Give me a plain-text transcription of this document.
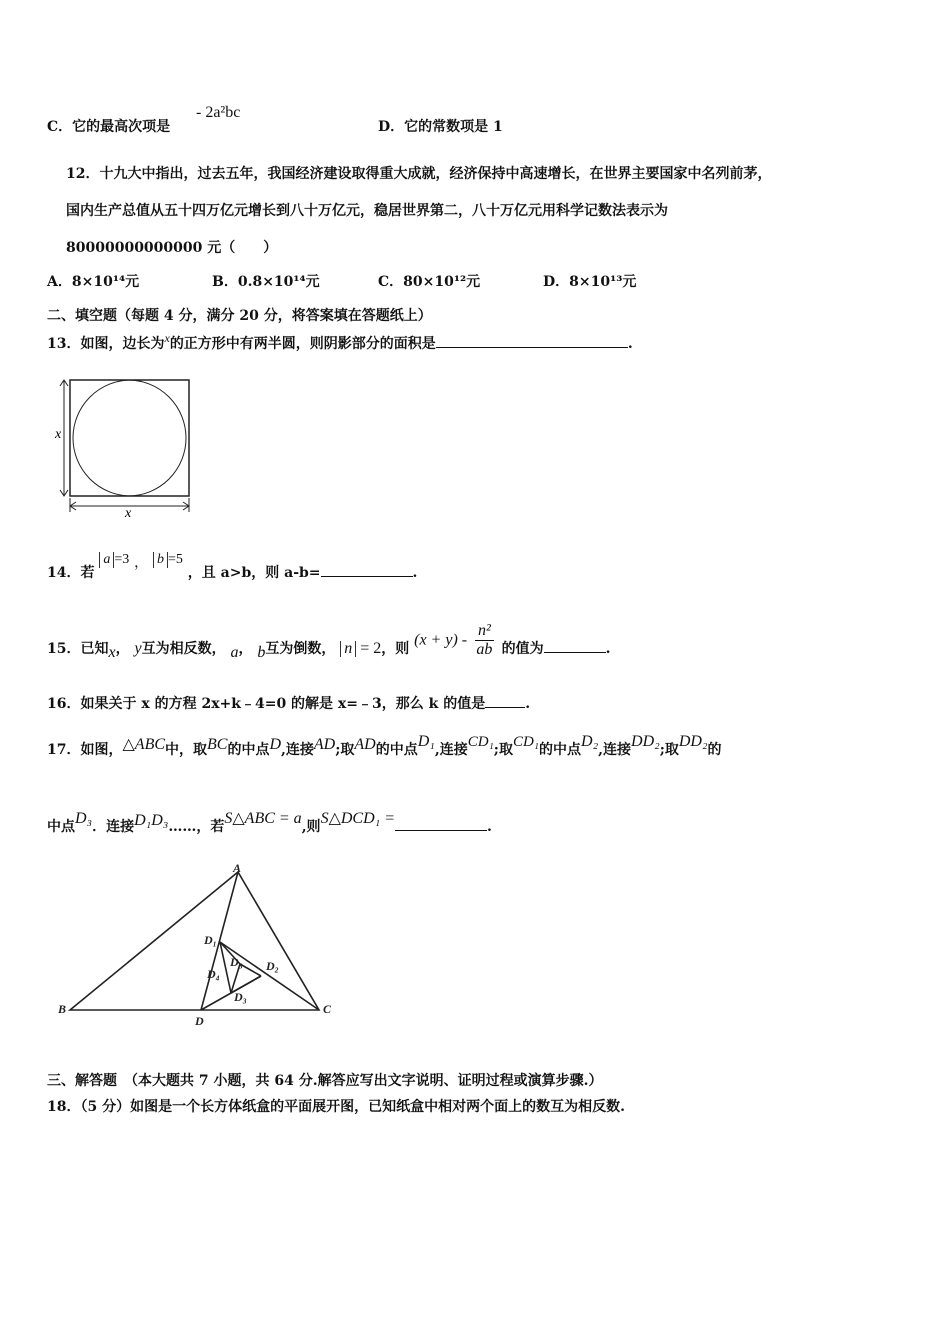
C．它的最高次项是
- 2a²bc
D．它的常数项是 1
12．十九大中指出，过去五年，我国经济建设取得重大成就，经济保持中高速增长，在世界主要国家中名列前茅，
国内生产总值从五十四万亿元增长到八十万亿元，稳居世界第二，八十万亿元用科学记数法表示为
80000000000000 元（　　）
A．8×10¹⁴元	B．0.8×10¹⁴元	C．80×10¹²元	D．8×10¹³元
二、填空题（每题 4 分，满分 20 分，将答案填在答题纸上）
13．如图，边长为x的正方形中有两半圆，则阴影部分的面积是	.
x
x
14．若 a =3 ， b =5 ，且 a>b，则 a-b=	.
15．已知x， y互为相反数， a， b互为倒数， n = 2，则 $(x + y) - \frac{\text{n²}}{ab}$ 的值为	.
16．如果关于 x 的方程 2x+k﹣4=0 的解是 x=﹣3，那么 k 的值是	.
17．如图，△ABC中，取BC的中点D,连接AD;取AD的中点D₁,连接CD₁;取CD₁的中点D₂,连接DD₂;取DD₂的
中点D₃．连接D₁D₃……，若S△ABC = a,则S△DCD₁ =	.
A
B	C
D
D₁
D₂
D₃
D₃
D₄
三、解答题　（本大题共 7 小题，共 64 分.解答应写出文字说明、证明过程或演算步骤.）
18．（5 分）如图是一个长方体纸盒的平面展开图，已知纸盒中相对两个面上的数互为相反数.
